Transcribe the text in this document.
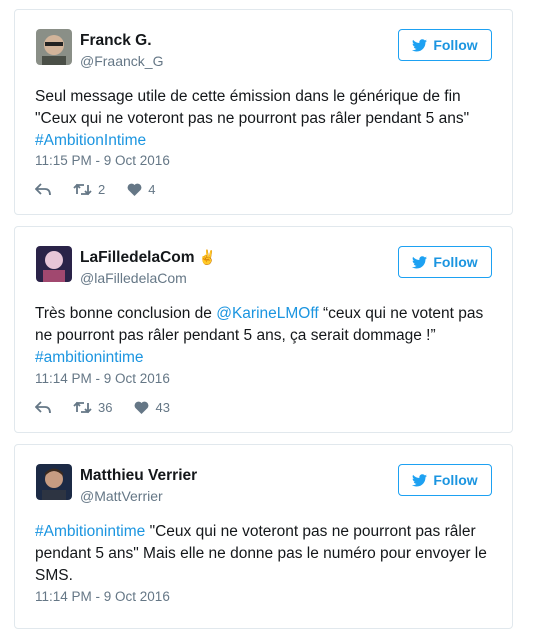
Franck G.
@Fraanck_G
Follow
Seul message utile de cette émission dans le générique de fin "Ceux qui ne voteront pas ne pourront pas râler pendant 5 ans"
#AmbitionIntime
11:15 PM - 9 Oct 2016
2	4
LaFilledelaCom ✌
@laFilledelaCom
Follow
Très bonne conclusion de @KarineLMOff “ceux qui ne votent pas ne pourront pas râler pendant 5 ans, ça serait dommage !”
#ambitionintime
11:14 PM - 9 Oct 2016
36	43
Matthieu Verrier
@MattVerrier
Follow
#Ambitionintime "Ceux qui ne voteront pas ne pourront pas râler pendant 5 ans" Mais elle ne donne pas le numéro pour envoyer le SMS.
11:14 PM - 9 Oct 2016
